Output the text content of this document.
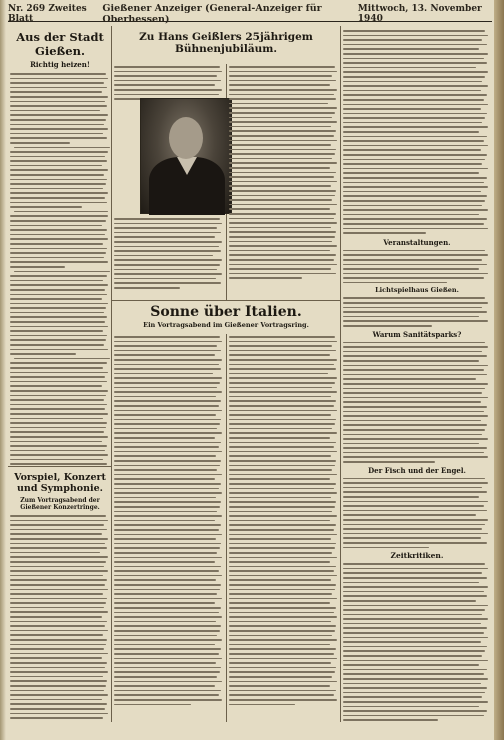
Nr. 269 Zweites Blatt
Gießener Anzeiger (General-Anzeiger für Oberhessen)
Mittwoch, 13. November 1940
Aus der Stadt Gießen.
Richtig heizen!
Vorspiel, Konzert und Symphonie.
Zum Vortragsabend der Gießener Konzertringe.
Zu Hans Geißlers 25jährigem Bühnenjubiläum.
Sonne über Italien.
Ein Vortragsabend im Gießener Vortragsring.
Veranstaltungen.
Lichtspielhaus Gießen.
Warum Sanitätsparks?
Der Fisch und der Engel.
Zeitkritiken.
